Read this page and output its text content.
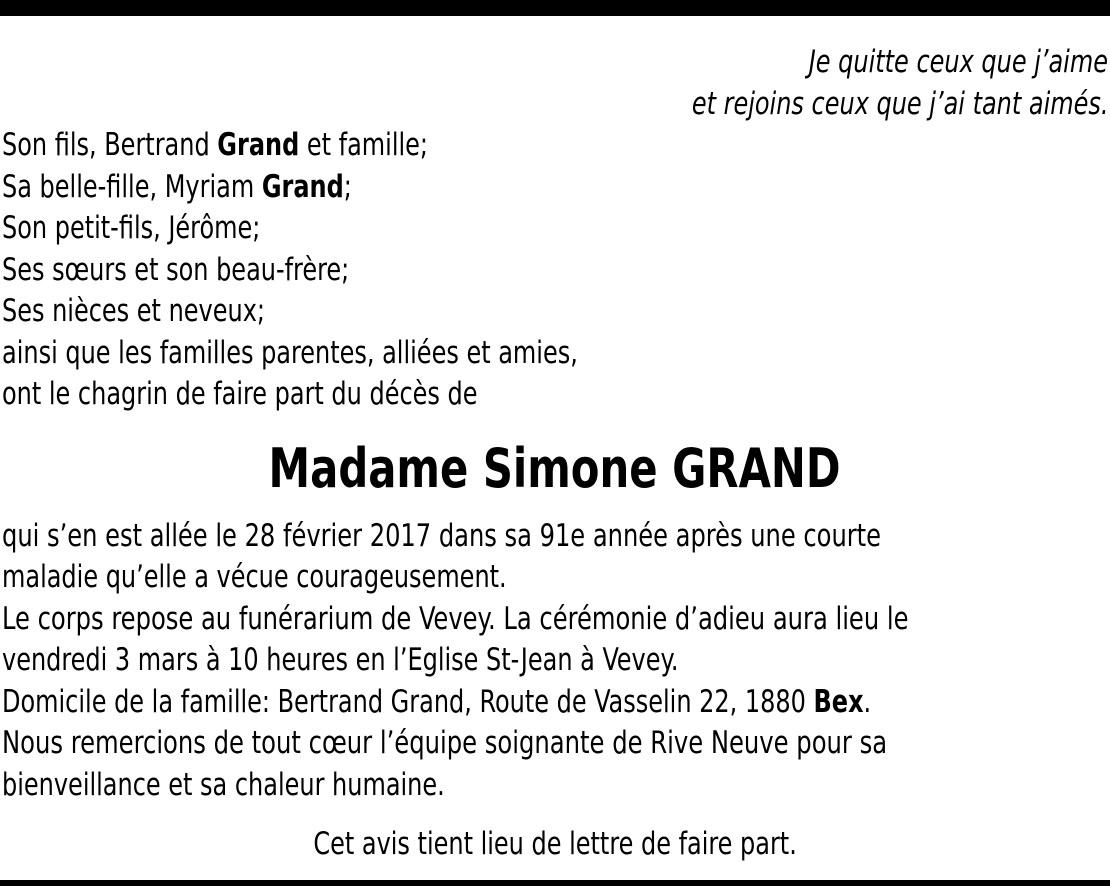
Je quitte ceux que j’aime
et rejoins ceux que j’ai tant aimés.
Son fils, Bertrand Grand et famille;
Sa belle-fille, Myriam Grand;
Son petit-fils, Jérôme;
Ses sœurs et son beau-frère;
Ses nièces et neveux;
ainsi que les familles parentes, alliées et amies,
ont le chagrin de faire part du décès de
Madame Simone GRAND
qui s’en est allée le 28 février 2017 dans sa 91e année après une courte
maladie qu’elle a vécue courageusement.
Le corps repose au funérarium de Vevey. La cérémonie d’adieu aura lieu le
vendredi 3 mars à 10 heures en l’Eglise St-Jean à Vevey.
Domicile de la famille: Bertrand Grand, Route de Vasselin 22, 1880 Bex.
Nous remercions de tout cœur l’équipe soignante de Rive Neuve pour sa
bienveillance et sa chaleur humaine.
Cet avis tient lieu de lettre de faire part.
